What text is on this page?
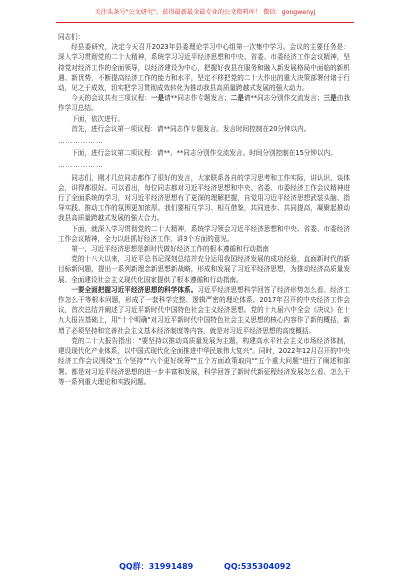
关注头条号"公文研究"，获得最新最全最专业的公文资料库！ 微信：gongwenyj

同志们：

经县委研究，决定今天召开2023年县委理论学习中心组第一次集中学习。会议的主要任务是：深入学习贯彻党的二十大精神，系统学习习近平经济思想和中央、省委、市委经济工作会议精神，坚持党对经济工作的全面领导，以经济建设为中心，把握好我县在服务和融入新发展格局中面临的新机遇、新优势，不断提高经济工作的能力和水平，坚定不移把党的二十大作出的重大决策部署付诸于行动，见之于成效，切实把学习贯彻成效转化为推动我县高质量跨越式发展的强大动力。

今天的会议共有三项议程：一是请**同志作专题发言；二是请**同志分别作交流发言；三是由我作学习总结。

下面，依次进行。

首先，进行会议第一项议程：请**同志作专题发言。发言时间控制在20分钟以内。

………………

下面，进行会议第二项议程：请**、**同志分别作交流发言。时间分别控制在15分钟以内。

………………

同志们，刚才几位同志都作了很好的发言，大家联系各自的学习思考和工作实际，讲认识，谈体会，讲得都很好。可以看出，每位同志都对习近平经济思想和中央、省委、市委经济工作会议精神进行了全面系统的学习，对习近平经济思想有了更深的理解把握，自觉用习近平经济思想武装头脑、指导实践、推动工作的氛围更加浓厚。我们要相互学习、相互借鉴，共同进步、共同提高，凝聚起推动我县高质量跨越式发展的强大合力。

下面，就深入学习贯彻党的二十大精神，系统学习领会习近平经济思想和中央、省委、市委经济工作会议精神，全力以赴抓好经济工作，讲3个方面的意见。

第一，习近平经济思想是新时代做好经济工作的根本遵循和行动指南

党的十八大以来，习近平总书记深刻总结并充分运用我国经济发展的成功经验，直面新时代的新目标新问题，提出一系列新理念新思想新战略，形成和发展了习近平经济思想，为推动经济高质量发展、全面建设社会主义现代化国家提供了根本遵循和行动指南。

一要全面把握习近平经济思想的科学体系。习近平经济思想科学回答了经济形势怎么看、经济工作怎么干等根本问题，形成了一套科学完整、逻辑严密的理论体系。2017年召开的中央经济工作会议，首次总结并阐述了习近平新时代中国特色社会主义经济思想。党的十九届六中全会《决议》在十九大报告基础上，用"十个明确"对习近平新时代中国特色社会主义思想的核心内容作了新的概括，新增了必须坚持和完善社会主义基本经济制度等内容，就是对习近平经济思想的高度概括。

党的二十大报告指出："要坚持以推动高质量发展为主题，构建高水平社会主义市场经济体制，建设现代化产业体系，以中国式现代化全面推进中华民族伟大复兴"。同时，2022年12月召开的中央经济工作会议围绕"五个坚持""六个更好统筹""五个方面政策取向""五个重大问题"进行了阐述和部署。都是对习近平经济思想的进一步丰富和发展，科学回答了新时代新征程经济发展怎么看、怎么干等一系列重大理论和实践问题。

QQ群：31991489	QQ:535304092
